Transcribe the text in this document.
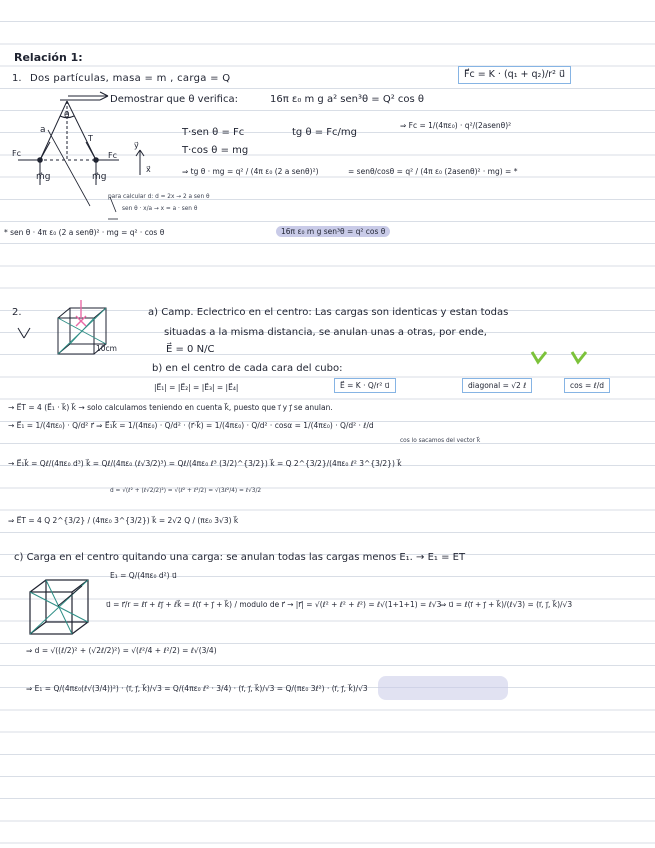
Relación 1:
1. Dos partículas, masa = m , carga = Q	F⃗c = K · (q₁ + q₂)/r² u⃗
Demostrar que θ verifica:	16π ε₀ m g a² sen³θ = Q² cos θ
θ
a
T
Fc	Fc
m⃗g	m⃗g
y⃗
x⃗
para calcular d: d = 2x → 2 a sen θ
sen θ · x/a → x = a · sen θ
T·sen θ = Fc	tg θ = Fc/mg
⇒ Fc = 1/(4πε₀) · q²/(2asenθ)²
T·cos θ = mg
⇒ tg θ · mg = q² / (4π ε₀ (2 a senθ)²)	= senθ/cosθ = q² / (4π ε₀ (2asenθ)² · mg) = *
* sen θ · 4π ε₀ (2 a senθ)² · mg = q² · cos θ	16π ε₀ m g sen³θ = q² cos θ
2.
10cm
a) Camp. Eclectrico en el centro: Las cargas son identicas y estan todas
situadas a la misma distancia, se anulan unas a otras, por ende,
E⃗ = 0 N/C
b) en el centro de cada cara del cubo:
|E⃗₁| = |E⃗₂| = |E⃗₃| = |E⃗₄|	E⃗ = K · Q/r² u⃗	diagonal = √2 ℓ	cos = ℓ/d
→ E⃗T = 4 (E⃗₁ · k⃗) k⃗ → solo calculamos teniendo en cuenta k⃗, puesto que i⃗ y j⃗ se anulan.
→ E⃗₁ = 1/(4πε₀) · Q/d² r⃗ ⇒ E⃗₁k⃗ = 1/(4πε₀) · Q/d² · (r⃗·k⃗) = 1/(4πε₀) · Q/d² · cosα = 1/(4πε₀) · Q/d² · ℓ/d
cos lo sacamos del vector k⃗
→ E⃗₁k⃗ = Qℓ/(4πε₀ d³) k⃗ = Qℓ/(4πε₀ (ℓ√3/2)³) = Qℓ/(4πε₀ ℓ³ (3/2)^{3/2}) k⃗ = Q 2^{3/2}/(4πε₀ ℓ² 3^{3/2}) k⃗
d = √(ℓ² + (ℓ√2/2)²) = √(ℓ² + ℓ²/2) = √(3ℓ²/4) = ℓ√3/2
⇒ E⃗T = 4 Q 2^{3/2} / (4πε₀ 3^{3/2}) k⃗ = 2√2 Q / (πε₀ 3√3) k⃗
c) Carga en el centro quitando una carga: se anulan todas las cargas menos E₁. → E₁ = ET
E₁ = Q/(4πε₀ d²) u⃗
u⃗ = r⃗/r = ℓi⃗ + ℓj⃗ + ℓk⃗ = ℓ(i⃗ + j⃗ + k⃗) / modulo de r⃗ → |r⃗| = √(ℓ² + ℓ² + ℓ²) = ℓ√(1+1+1) = ℓ√3
⇒ u⃗ = ℓ(i⃗ + j⃗ + k⃗)/(ℓ√3) = (i⃗, j⃗, k⃗)/√3
⇒ d = √((ℓ/2)² + (√2ℓ/2)²) = √(ℓ²/4 + ℓ²/2) = ℓ√(3/4)
⇒ E₁ = Q/(4πε₀(ℓ√(3/4))²) · (i⃗, j⃗, k⃗)/√3 = Q/(4πε₀ ℓ² · 3/4) · (i⃗, j⃗, k⃗)/√3 = Q/(πε₀ 3ℓ²) · (i⃗, j⃗, k⃗)/√3
